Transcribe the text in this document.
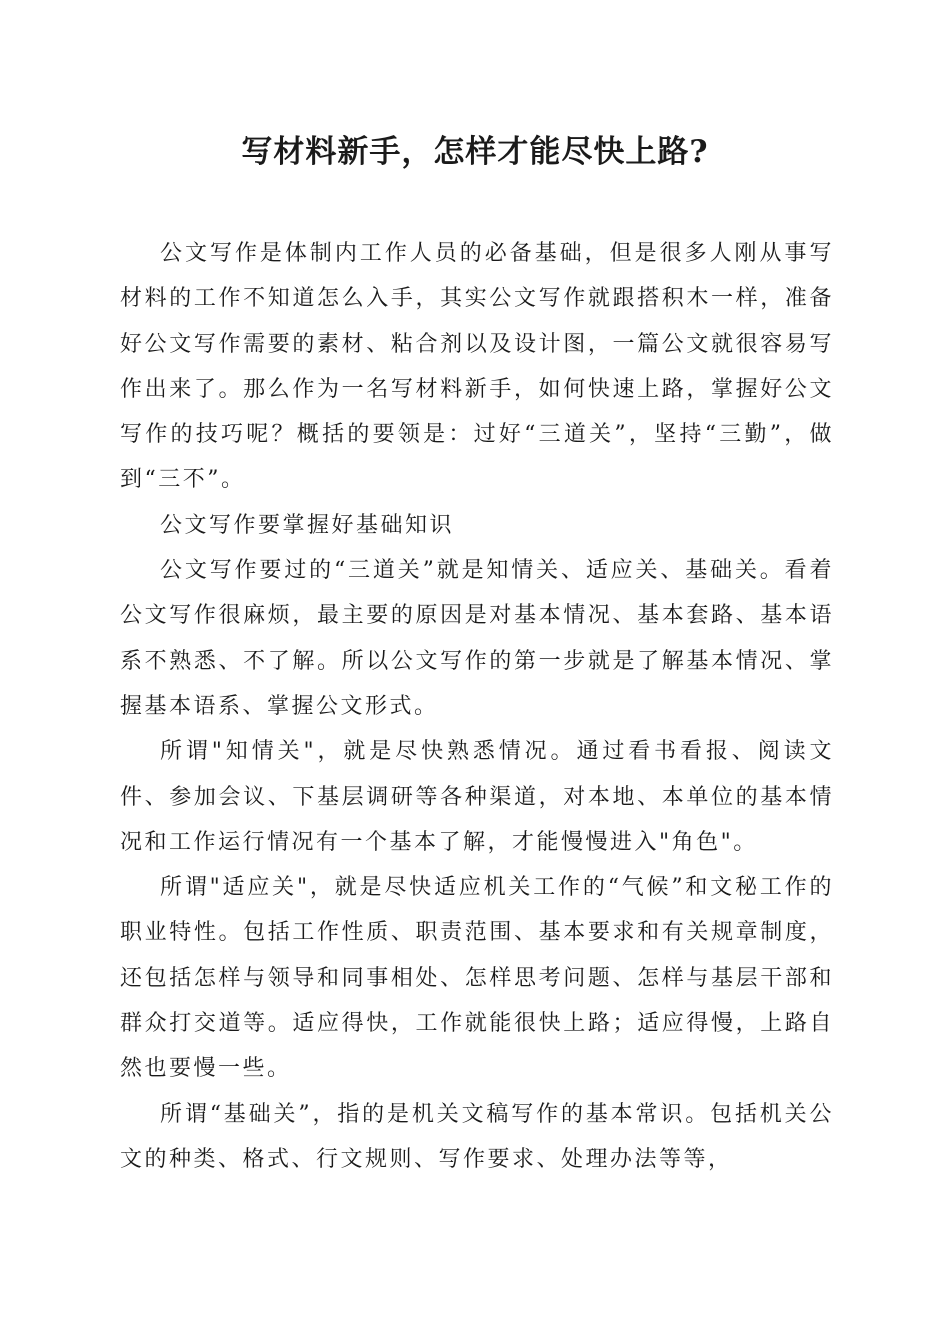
写材料新手，怎样才能尽快上路?

公文写作是体制内工作人员的必备基础，但是很多人刚从事写材料的工作不知道怎么入手，其实公文写作就跟搭积木一样，准备好公文写作需要的素材、粘合剂以及设计图，一篇公文就很容易写作出来了。那么作为一名写材料新手，如何快速上路，掌握好公文写作的技巧呢？概括的要领是：过好“三道关”，坚持“三勤”，做到“三不”。

公文写作要掌握好基础知识

公文写作要过的“三道关”就是知情关、适应关、基础关。看着公文写作很麻烦，最主要的原因是对基本情况、基本套路、基本语系不熟悉、不了解。所以公文写作的第一步就是了解基本情况、掌握基本语系、掌握公文形式。

所谓"知情关"，就是尽快熟悉情况。通过看书看报、阅读文件、参加会议、下基层调研等各种渠道，对本地、本单位的基本情况和工作运行情况有一个基本了解，才能慢慢进入"角色"。

所谓"适应关"，就是尽快适应机关工作的“气候”和文秘工作的职业特性。包括工作性质、职责范围、基本要求和有关规章制度，还包括怎样与领导和同事相处、怎样思考问题、怎样与基层干部和群众打交道等。适应得快，工作就能很快上路；适应得慢，上路自然也要慢一些。

所谓“基础关”，指的是机关文稿写作的基本常识。包括机关公文的种类、格式、行文规则、写作要求、处理办法等等，
